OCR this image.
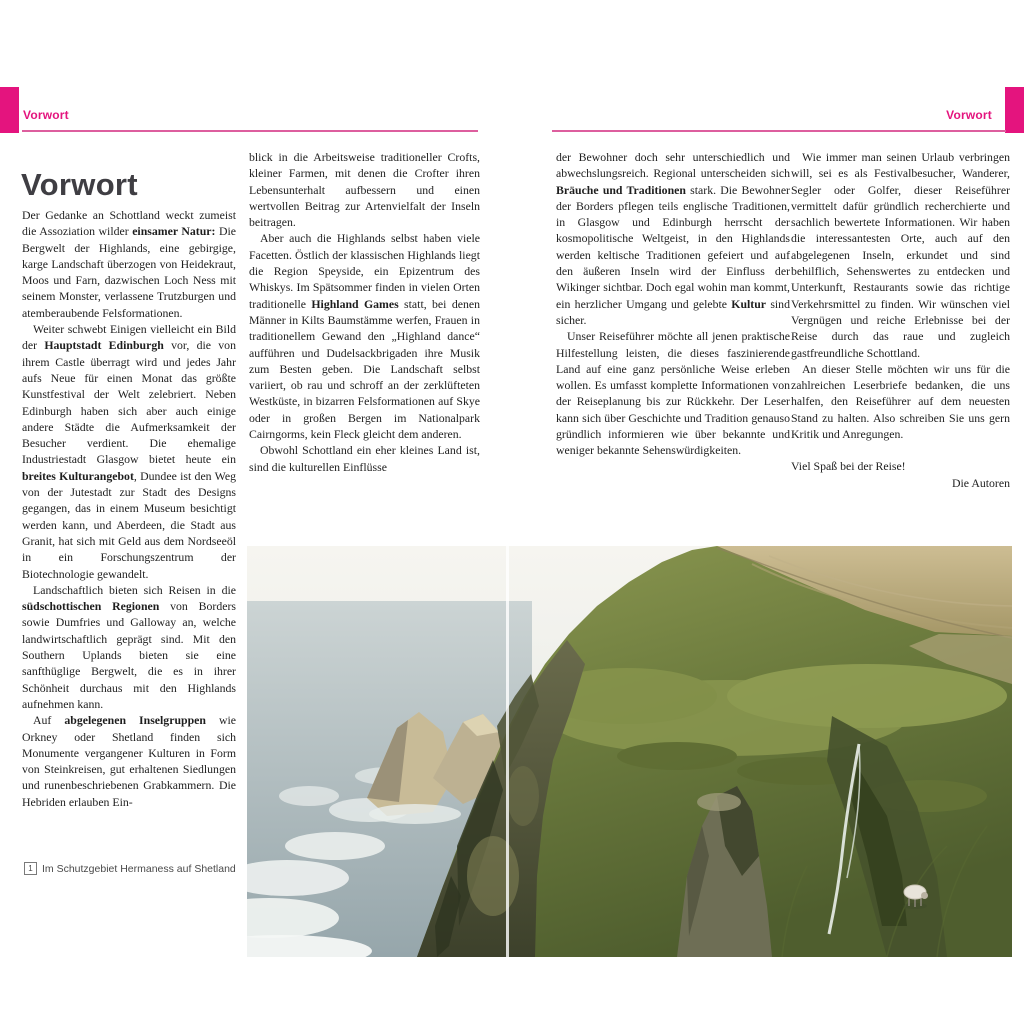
Vorwort	Vorwort
Vorwort

Der Gedanke an Schottland weckt zumeist die Assoziation wilder einsamer Natur: Die Bergwelt der Highlands, eine gebirgige, karge Landschaft überzogen von Heidekraut, Moos und Farn, dazwischen Loch Ness mit seinem Monster, verlassene Trutzburgen und atemberaubende Felsformationen.

Weiter schwebt Einigen vielleicht ein Bild der Hauptstadt Edinburgh vor, die von ihrem Castle überragt wird und jedes Jahr aufs Neue für einen Monat das größte Kunstfestival der Welt zelebriert. Neben Edinburgh haben sich aber auch einige andere Städte die Aufmerksamkeit der Besucher verdient. Die ehemalige Industriestadt Glasgow bietet heute ein breites Kulturangebot, Dundee ist den Weg von der Jutestadt zur Stadt des Designs gegangen, das in einem Museum besichtigt werden kann, und Aberdeen, die Stadt aus Granit, hat sich mit Geld aus dem Nordseeöl in ein Forschungszentrum der Biotechnologie gewandelt.

Landschaftlich bieten sich Reisen in die südschottischen Regionen von Borders sowie Dumfries und Galloway an, welche landwirtschaftlich geprägt sind. Mit den Southern Uplands bieten sie eine sanfthüglige Bergwelt, die es in ihrer Schönheit durchaus mit den Highlands aufnehmen kann.

Auf abgelegenen Inselgruppen wie Orkney oder Shetland finden sich Monumente vergangener Kulturen in Form von Steinkreisen, gut erhaltenen Siedlungen und runenbeschriebenen Grabkammern. Die Hebriden erlauben Ein-

blick in die Arbeitsweise traditioneller Crofts, kleiner Farmen, mit denen die Crofter ihren Lebensunterhalt aufbessern und einen wertvollen Beitrag zur Artenvielfalt der Inseln beitragen.

Aber auch die Highlands selbst haben viele Facetten. Östlich der klassischen Highlands liegt die Region Speyside, ein Epizentrum des Whiskys. Im Spätsommer finden in vielen Orten traditionelle Highland Games statt, bei denen Männer in Kilts Baumstämme werfen, Frauen in traditionellem Gewand den „Highland dance“ aufführen und Dudelsackbrigaden ihre Musik zum Besten geben. Die Landschaft selbst variiert, ob rau und schroff an der zerklüfteten Westküste, in bizarren Felsformationen auf Skye oder in großen Bergen im Nationalpark Cairngorms, kein Fleck gleicht dem anderen.

Obwohl Schottland ein eher kleines Land ist, sind die kulturellen Einflüsse

der Bewohner doch sehr unterschiedlich und abwechslungsreich. Regional unterscheiden sich Bräuche und Traditionen stark. Die Bewohner der Borders pflegen teils englische Traditionen, in Glasgow und Edinburgh herrscht der kosmopolitische Weltgeist, in den Highlands werden keltische Traditionen gefeiert und auf den äußeren Inseln wird der Einfluss der Wikinger sichtbar. Doch egal wohin man kommt, ein herzlicher Umgang und gelebte Kultur sind sicher.

Unser Reiseführer möchte all jenen praktische Hilfestellung leisten, die dieses faszinierende Land auf eine ganz persönliche Weise erleben wollen. Es umfasst komplette Informationen von der Reiseplanung bis zur Rückkehr. Der Leser kann sich über Geschichte und Tradition genauso gründlich informieren wie über bekannte und weniger bekannte Sehenswürdigkeiten.

Wie immer man seinen Urlaub verbringen will, sei es als Festivalbesucher, Wanderer, Segler oder Golfer, dieser Reiseführer vermittelt dafür gründlich recherchierte und sachlich bewertete Informationen. Wir haben die interessantesten Orte, auch auf den abgelegenen Inseln, erkundet und sind behilflich, Sehenswertes zu entdecken und Unterkunft, Restaurants sowie das richtige Verkehrsmittel zu finden. Wir wünschen viel Vergnügen und reiche Erlebnisse bei der Reise durch das raue und zugleich gastfreundliche Schottland.

An dieser Stelle möchten wir uns für die zahlreichen Leserbriefe bedanken, die uns halfen, den Reiseführer auf dem neuesten Stand zu halten. Also schreiben Sie uns gern Kritik und Anregungen.

Viel Spaß bei der Reise!

Die Autoren

1 Im Schutzgebiet Hermaness auf Shetland
